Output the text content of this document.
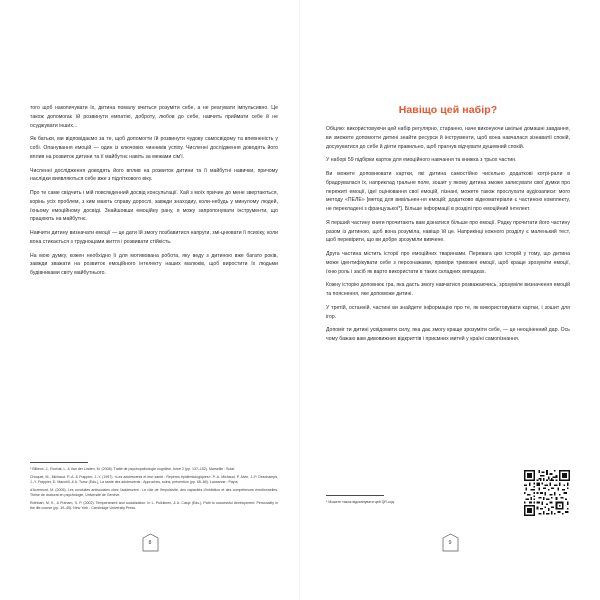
того щоб накопичувати їх, дитина помалу вчиться розуміти себе, а не реагувати імпульсивно. Це також допомогає їй розвинути емпатію, доброту, любов до себе, навчить приймати себе й не осуджувати інших...

Як батьки, ми відповідаємо за те, щоб допомогти їй розвинути чудову самосвідому та впевненість у собі. Опанування емоцій — один із ключових чинників успіху. Численні дослідження доводять його вплив на розвиток дитини та її майбутнє навіть за межами сім'ї.

Численні дослідження доводять його вплив на розвиток дитини та її майбутні навички, причому наслідки виявляються себе вже з підліткового віку.

Про те саме свідчить і мій повсякденний досвід консультації. Хай з моїх причин до мене звертаються, корінь усіх проблем, з ким мають справу дорослі, завжди знаходиу, коли-небудь у минулому людей, їхньому емоційному досвіді. Знайшовши емоційну рану, я можу запропонувати інструменти, що працюють на майбутнє.

Навчити дитину визначати емоції — це дати їй змогу позбавитися напруги, змі-цнювати її психіку, коли вона стикається з труднощами життя і розвивати стійкість.

На мою думку, кожен необхідно її для мотивована робота, яку веду з дитиною вже багато років, завжди зважати на розвиток емоційного інтелекту наших малюків, щоб виростити їх людьми будівниками світу майбутнього.

* Billieux, J., Rochat, L. & Van der Linden, M. (2008). Traité de psychopathologie cognitive, tome 2 (pp. 137–152). Marseille : Solal.

Choquet, M., Michaud, P.-A. & Frappier, J.-Y. (1997). «Les adolescents et leur santé : Repères épidémiologiques». P.-A. Michaud, P. Alvin, J.-P. Deschamps, J.-Y. Frappier, D. Marcelli, & A. Tursz (Eds.), La santé des adolescents : Approches, soins, prévention (pp. 65–80). Lausanne : Payot.

d'Acremont, M. (2005). Les conduites antisociales chez l'adolescent : Le rôle de l'impulsivité, des capacités d'inhibition et des compétences émotionnelles. Thèse de doctorat en psychologie, Université de Genève.

Rothbart, M. K., & Putnam, S. P. (2002). Temperament and socialization. In L. Pulkkinen, & A. Caspi (Eds.), Path to successful development: Personality in the life course (pp. 19–45). New York : Cambridge University Press.

8
Навіщо цей набір?

Обіцяю: використовуючи цей набір регулярно, старанно, наче виконуючи шкільні домашні завдання, ви зможете допомогти дитині знайти ресурси й інструменти, щоб вона навчалася зізнаватії спокій, досукуватися до себе й діяти правильно, щоб прагнув відчувати душевний спокій.

У наборі 59 підбірки карток для емоційного навчання та книжка з трьох частин.

Ви можете доповнювати картки, які дитина самостійно чисельно додаткові котрі-рали в брадрувалася їх, наприклад гральне поле, зошит у якому дитина зможе записувати свої думки про пережиті емоції, ідеї оцінювання свої емоцій, пізнані, можете також прослухати аудіозаписи: мого методу «ПЕЛЕ» [метод для вивільнен-ня емоцій; додатково відеоматеріали є частиною комплекту, не перекладені з французької*]. Більше інформації в розділі про емоційний інтелект.

Я перший частину книги прочитають вам дізнатися більше про емоції. Радку прочитати його частину разом із дитиною, щоб вона розуміла, навіщо їй це. Наприкінці кожного розділу є маленький тест, щоб перевірити, що ви добре зрозуміли вивчене.

Друга частина містить історії про емоційних тваринами. Перевага цих історій у тому, що дитина може ідентифікувати себе з персонажами, приміри тривожні емоції, щоб краще зрозуміти емоції, їхню роль і засіб як варто використати в таких складних випадках.

Кожну історію доповнює гра, яка дасть змогу навчатися розважаючись, зрозуміле визначення емоцій та пояснення, яке допоможе дитині.

У третій, останній, частині ви знайдете інформацію про те, як використовувати картки, і зошит для ігор.

Допоміг ти дитині усвідомити силу, яка дає змогу краще зрозуміти себе, — це неоціненний дар. Ось чому бажаю вам дивовижних відкриттів і приємних митей у країні самопізнання.

* Можете також відсканувати цей QR-код:

9
